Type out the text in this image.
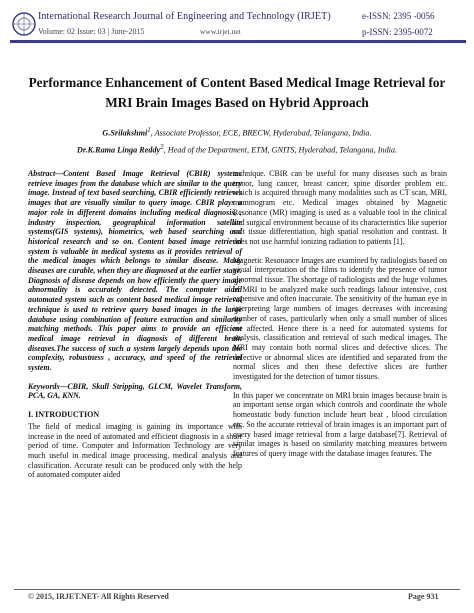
International Research Journal of Engineering and Technology (IRJET)	e-ISSN: 2395 -0056
Volume: 02 Issue: 03 | June-2015	www.irjet.net	p-ISSN: 2395-0072
Performance Enhancement of Content Based Medical Image Retrieval for MRI Brain Images Based on Hybrid Approach
G.Srilakshmi$^1$, Associate Professor, ECE, BRECW, Hyderabad, Telangana, India.
Dr.K.Rama Linga Reddy$^2$, Head of the Department, ETM, GNITS, Hyderabad, Telangana, India.

Abstract—Content Based Image Retrieval (CBIR) systems retrieve images from the database which are similar to the query image. Instead of text based searching, CBIR efficiently retrieves images that are visually similar to query image. CBIR plays a major role in different domains including medical diagnosis, , industry inspection, geographical information satellite systems(GIS systems), biometrics, web based searching and historical research and so on. Content based image retrieval system is valuable in medical systems as it provides retrieval of the medical images which belongs to similar disease. Many diseases are curable, when they are diagnosed at the earlier stage. Diagnosis of disease depends on how efficiently the query image abnormality is accurately detected. The computer aided automated system such as content based medical image retrieval technique is used to retrieve query based images in the large database using combination of feature extraction and similarity matching methods. This paper aims to provide an efficient medical image retrieval in diagnosis of different brain diseases.The success of such a system largely depends upon the complexity, robustness , accuracy, and speed of the retrieval system.

Keywords—CBIR, Skull Stripping, GLCM, Wavelet Transform, PCA, GA, KNN.

I. INTRODUCTION

The field of medical imaging is gaining its importance with increase in the need of automated and efficient diagnosis in a short period of time. Computer and Information Technology are very much useful in medical image processing, medical analysis and classification. Accurate result can be produced only with the help of automated computer aided

technique. CBIR can be useful for many diseases such as brain tumor, lung cancer, breast cancer, spine disorder problem etc. which is acquired through many modalities such as CT scan, MRI, mammogram etc. Medical images obtained by Magnetic Resonance (MR) imaging is used as a valuable tool in the clinical and surgical environment because of its characteristics like superior soft tissue differentiation, high spatial resolution and contrast. It does not use harmful ionizing radiation to patients [1].

Magnetic Resonance Images are examined by radiologists based on visual interpretation of the films to identify the presence of tumor abnormal tissue. The shortage of radiologists and the huge volumes of MRI to be analyzed make such readings labour intensive, cost expensive and often inaccurate. The sensitivity of the human eye in interpreting large numbers of images decreases with increasing number of cases, particularly when only a small number of slices are affected. Hence there is a need for automated systems for analysis, classification and retrieval of such medical images. The MRI may contain both normal slices and defective slices. The defective or abnormal slices are identified and separated from the normal slices and then these defective slices are further investigated for the detection of tumor tissues.

In this paper we concentrate on MRI brain images because brain is an important sense organ which controls and coordinate the whole homeostatic body function include heart beat , blood circulation etc. So the accurate retrieval of brain images is an important part of query based image retrieval from a large database[7]. Retrieval of similar images is based on similarity matching measures between features of query image with the database images features. The

© 2015, IRJET.NET- All Rights Reserved	Page 931
